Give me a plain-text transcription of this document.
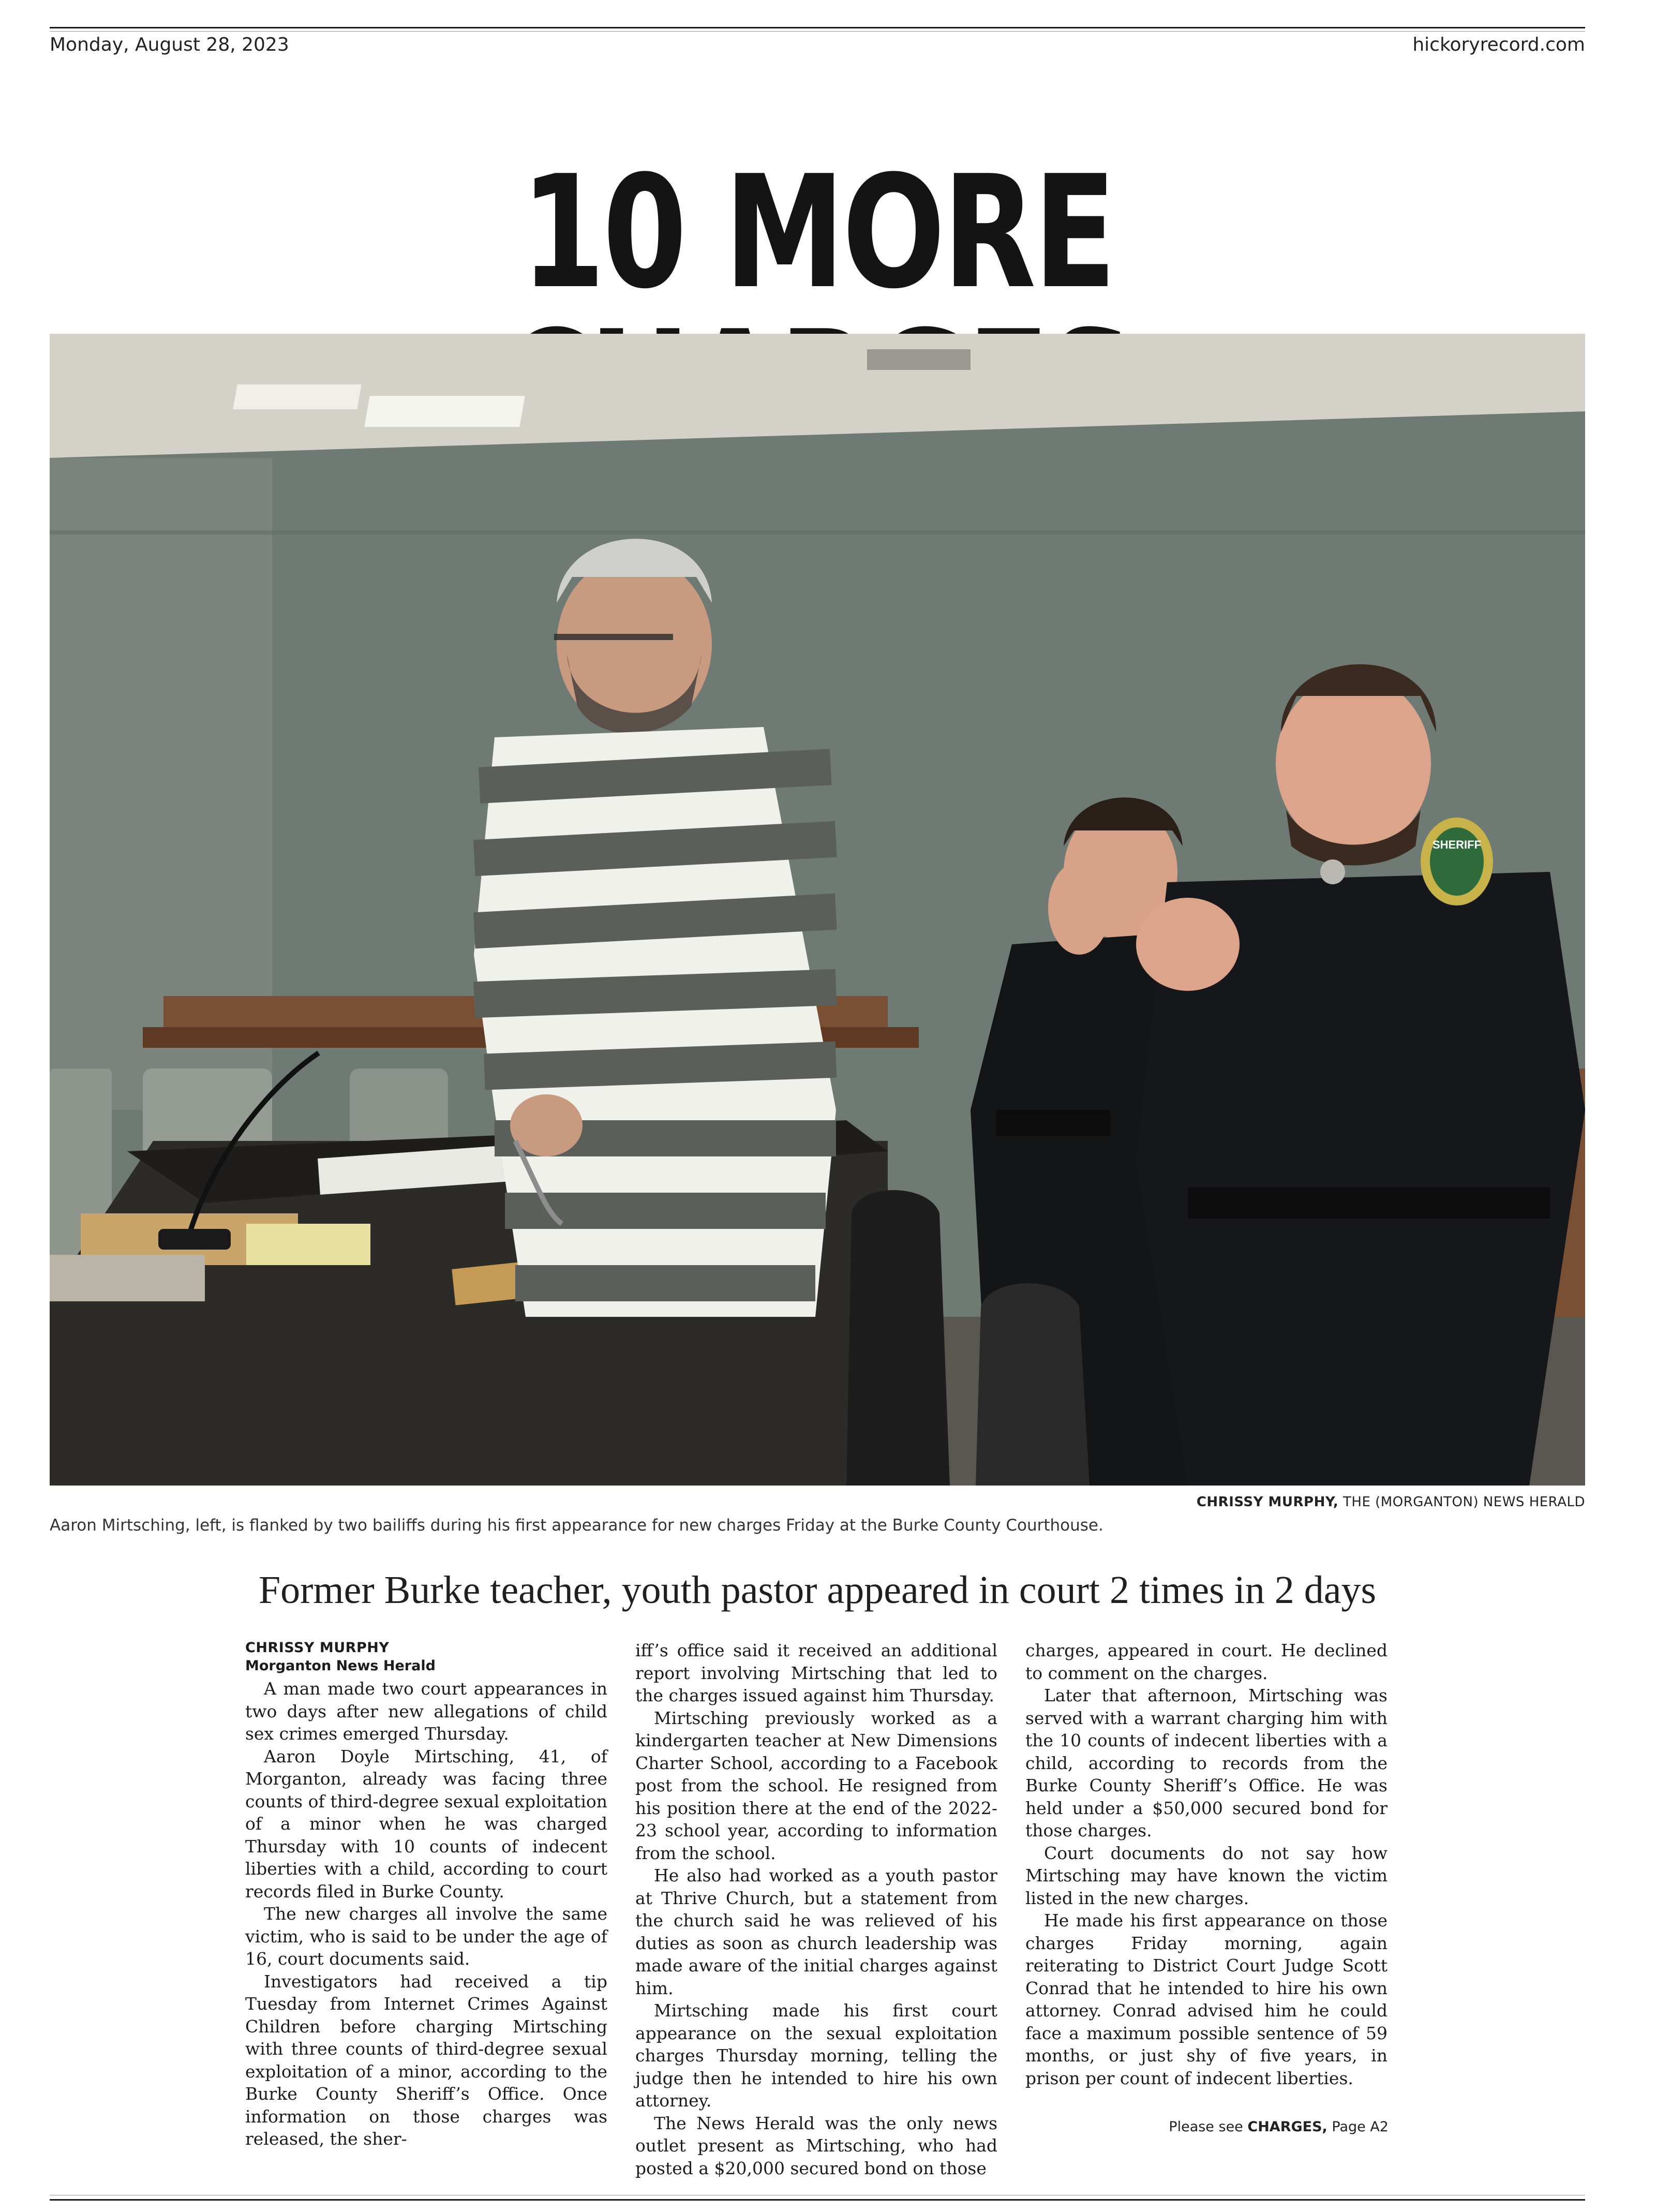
Monday, August 28, 2023	hickoryrecord.com
10 MORE
SHERIFF
CHRISSY MURPHY, THE (MORGANTON) NEWS HERALD
Aaron Mirtsching, left, is flanked by two bailiffs during his first appearance for new charges Friday at the Burke County Courthouse.
Former Burke teacher, youth pastor appeared in court 2 times in 2 days
CHRISSY MURPHY
Morganton News Herald

A man made two court appearances in two days after new allegations of child sex crimes emerged Thursday.

Aaron Doyle Mirtsching, 41, of Morganton, already was facing three counts of third-degree sexual exploitation of a minor when he was charged Thursday with 10 counts of indecent liberties with a child, according to court records filed in Burke County.

The new charges all involve the same victim, who is said to be under the age of 16, court documents said.

Investigators had received a tip Tuesday from Internet Crimes Against Children before charging Mirtsching with three counts of third-degree sexual exploitation of a minor, according to the Burke County Sheriff’s Office. Once information on those charges was released, the sher-

iff’s office said it received an additional report involving Mirtsching that led to the charges issued against him Thursday.

Mirtsching previously worked as a kindergarten teacher at New Dimensions Charter School, according to a Facebook post from the school. He resigned from his position there at the end of the 2022-23 school year, according to information from the school.

He also had worked as a youth pastor at Thrive Church, but a statement from the church said he was relieved of his duties as soon as church leadership was made aware of the initial charges against him.

Mirtsching made his first court appearance on the sexual exploitation charges Thursday morning, telling the judge then he intended to hire his own attorney.

The News Herald was the only news outlet present as Mirtsching, who had posted a $20,000 secured bond on those

charges, appeared in court. He declined to comment on the charges.

Later that afternoon, Mirtsching was served with a warrant charging him with the 10 counts of indecent liberties with a child, according to records from the Burke County Sheriff’s Office. He was held under a $50,000 secured bond for those charges.

Court documents do not say how Mirtsching may have known the victim listed in the new charges.

He made his first appearance on those charges Friday morning, again reiterating to District Court Judge Scott Conrad that he intended to hire his own attorney. Conrad advised him he could face a maximum possible sentence of 59 months, or just shy of five years, in prison per count of indecent liberties.

Please see CHARGES, Page A2
